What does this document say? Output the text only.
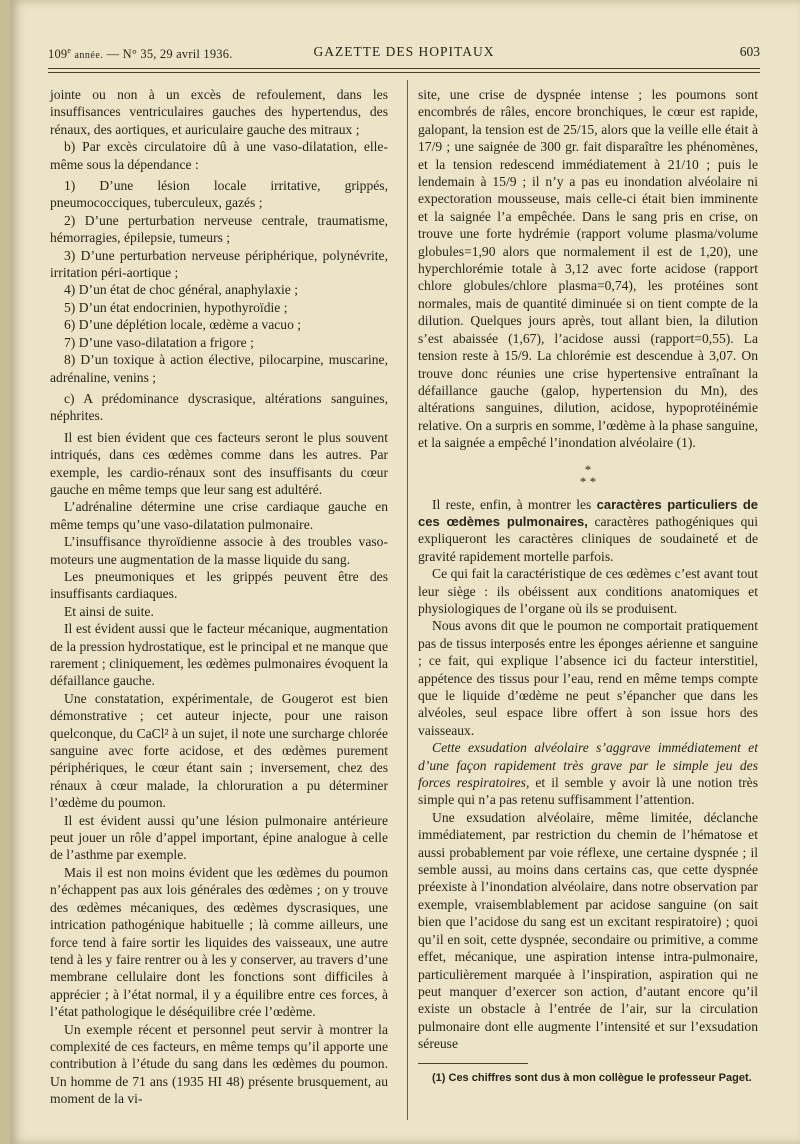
109e année. — N° 35, 29 avril 1936.	GAZETTE DES HOPITAUX	603

jointe ou non à un excès de refoulement, dans les insuffisances ventriculaires gauches des hypertendus, des rénaux, des aortiques, et auriculaire gauche des mitraux ;

b) Par excès circulatoire dû à une vaso-dilatation, elle-même sous la dépendance :

1) D’une lésion locale irritative, grippés, pneumococciques, tuberculeux, gazés ;

2) D’une perturbation nerveuse centrale, traumatisme, hémorragies, épilepsie, tumeurs ;

3) D’une perturbation nerveuse périphérique, polynévrite, irritation péri-aortique ;

4) D’un état de choc général, anaphylaxie ;

5) D’un état endocrinien, hypothyroïdie ;

6) D’une déplétion locale, œdème a vacuo ;

7) D’une vaso-dilatation a frigore ;

8) D’un toxique à action élective, pilocarpine, muscarine, adrénaline, venins ;

c) A prédominance dyscrasique, altérations sanguines, néphrites.

Il est bien évident que ces facteurs seront le plus souvent intriqués, dans ces œdèmes comme dans les autres. Par exemple, les cardio-rénaux sont des insuffisants du cœur gauche en même temps que leur sang est adultéré.

L’adrénaline détermine une crise cardiaque gauche en même temps qu’une vaso-dilatation pulmonaire.

L’insuffisance thyroïdienne associe à des troubles vaso-moteurs une augmentation de la masse liquide du sang.

Les pneumoniques et les grippés peuvent être des insuffisants cardiaques.

Et ainsi de suite.

Il est évident aussi que le facteur mécanique, augmentation de la pression hydrostatique, est le principal et ne manque que rarement ; cliniquement, les œdèmes pulmonaires évoquent la défaillance gauche.

Une constatation, expérimentale, de Gougerot est bien démonstrative ; cet auteur injecte, pour une raison quelconque, du CaCl² à un sujet, il note une surcharge chlorée sanguine avec forte acidose, et des œdèmes purement périphériques, le cœur étant sain ; inversement, chez des rénaux à cœur malade, la chloruration a pu déterminer l’œdème du poumon.

Il est évident aussi qu’une lésion pulmonaire antérieure peut jouer un rôle d’appel important, épine analogue à celle de l’asthme par exemple.

Mais il est non moins évident que les œdèmes du poumon n’échappent pas aux lois générales des œdèmes ; on y trouve des œdèmes mécaniques, des œdèmes dyscrasiques, une intrication pathogénique habituelle ; là comme ailleurs, une force tend à faire sortir les liquides des vaisseaux, une autre tend à les y faire rentrer ou à les y conserver, au travers d’une membrane cellulaire dont les fonctions sont difficiles à apprécier ; à l’état normal, il y a équilibre entre ces forces, à l’état pathologique le déséquilibre crée l’œdème.

Un exemple récent et personnel peut servir à montrer la complexité de ces facteurs, en même temps qu’il apporte une contribution à l’étude du sang dans les œdèmes du poumon. Un homme de 71 ans (1935 HI 48) présente brusquement, au moment de la vi-

site, une crise de dyspnée intense ; les poumons sont encombrés de râles, encore bronchiques, le cœur est rapide, galopant, la tension est de 25/15, alors que la veille elle était à 17/9 ; une saignée de 300 gr. fait disparaître les phénomènes, et la tension redescend immédiatement à 21/10 ; puis le lendemain à 15/9 ; il n’y a pas eu inondation alvéolaire ni expectoration mousseuse, mais celle-ci était bien imminente et la saignée l’a empêchée. Dans le sang pris en crise, on trouve une forte hydrémie (rapport volume plasma/volume globules=1,90 alors que normalement il est de 1,20), une hyperchlorémie totale à 3,12 avec forte acidose (rapport chlore globules/chlore plasma=0,74), les protéines sont normales, mais de quantité diminuée si on tient compte de la dilution. Quelques jours après, tout allant bien, la dilution s’est abaissée (1,67), l’acidose aussi (rapport=0,55). La tension reste à 15/9. La chlorémie est descendue à 3,07. On trouve donc réunies une crise hypertensive entraînant la défaillance gauche (galop, hypertension du Mn), des altérations sanguines, dilution, acidose, hypoprotéinémie relative. On a surpris en somme, l’œdème à la phase sanguine, et la saignée a empêché l’inondation alvéolaire (1).

*
* *

Il reste, enfin, à montrer les caractères particuliers de ces œdèmes pulmonaires, caractères pathogéniques qui expliqueront les caractères cliniques de soudaineté et de gravité rapidement mortelle parfois.

Ce qui fait la caractéristique de ces œdèmes c’est avant tout leur siège : ils obéissent aux conditions anatomiques et physiologiques de l’organe où ils se produisent.

Nous avons dit que le poumon ne comportait pratiquement pas de tissus interposés entre les éponges aérienne et sanguine ; ce fait, qui explique l’absence ici du facteur interstitiel, appétence des tissus pour l’eau, rend en même temps compte que le liquide d’œdème ne peut s’épancher que dans les alvéoles, seul espace libre offert à son issue hors des vaisseaux.

Cette exsudation alvéolaire s’aggrave immédiatement et d’une façon rapidement très grave par le simple jeu des forces respiratoires, et il semble y avoir là une notion très simple qui n’a pas retenu suffisamment l’attention.

Une exsudation alvéolaire, même limitée, déclanche immédiatement, par restriction du chemin de l’hématose et aussi probablement par voie réflexe, une certaine dyspnée ; il semble aussi, au moins dans certains cas, que cette dyspnée préexiste à l’inondation alvéolaire, dans notre observation par exemple, vraisemblablement par acidose sanguine (on sait bien que l’acidose du sang est un excitant respiratoire) ; quoi qu’il en soit, cette dyspnée, secondaire ou primitive, a comme effet, mécanique, une aspiration intense intra-pulmonaire, particulièrement marquée à l’inspiration, aspiration qui ne peut manquer d’exercer son action, d’autant encore qu’il existe un obstacle à l’entrée de l’air, sur la circulation pulmonaire dont elle augmente l’intensité et sur l’exsudation séreuse

(1) Ces chiffres sont dus à mon collègue le professeur Paget.
